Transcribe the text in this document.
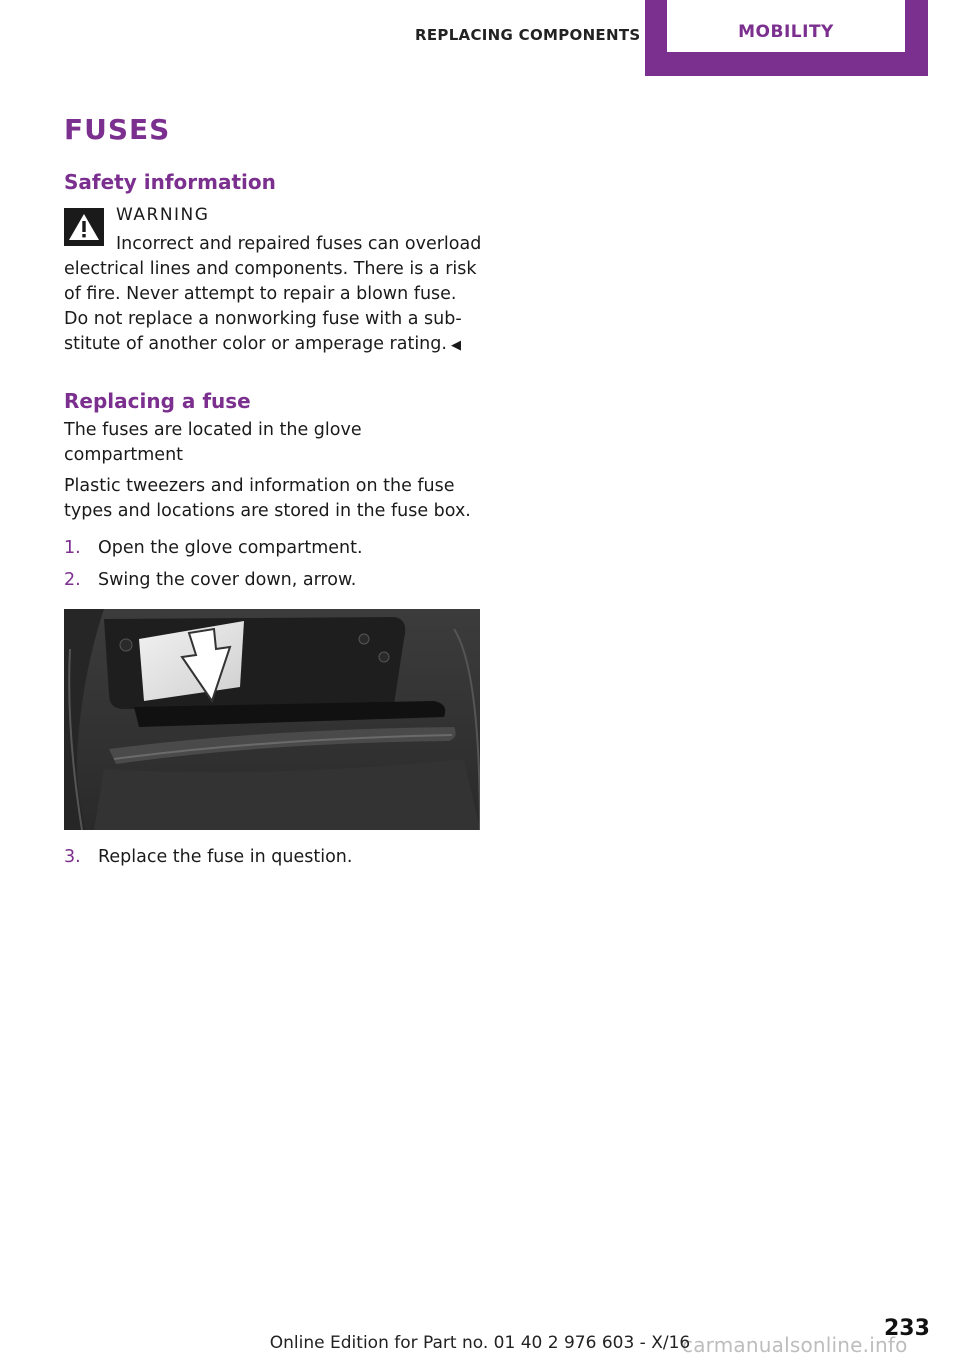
REPLACING COMPONENTS	MOBILITY
FUSES
Safety information
WARNING

Incorrect and repaired fuses can overload

electrical lines and components. There is a risk

of fire. Never attempt to repair a blown fuse.

Do not replace a nonworking fuse with a sub‐

stitute of another color or amperage rating. ◀

Replacing a fuse

The fuses are located in the glove compartment

Plastic tweezers and information on the fuse

types and locations are stored in the fuse box.

1. Open the glove compartment.
2. Swing the cover down, arrow.
3. Replace the fuse in question.
carmanualsonline.info
Online Edition for Part no. 01 40 2 976 603 - X/16
233
